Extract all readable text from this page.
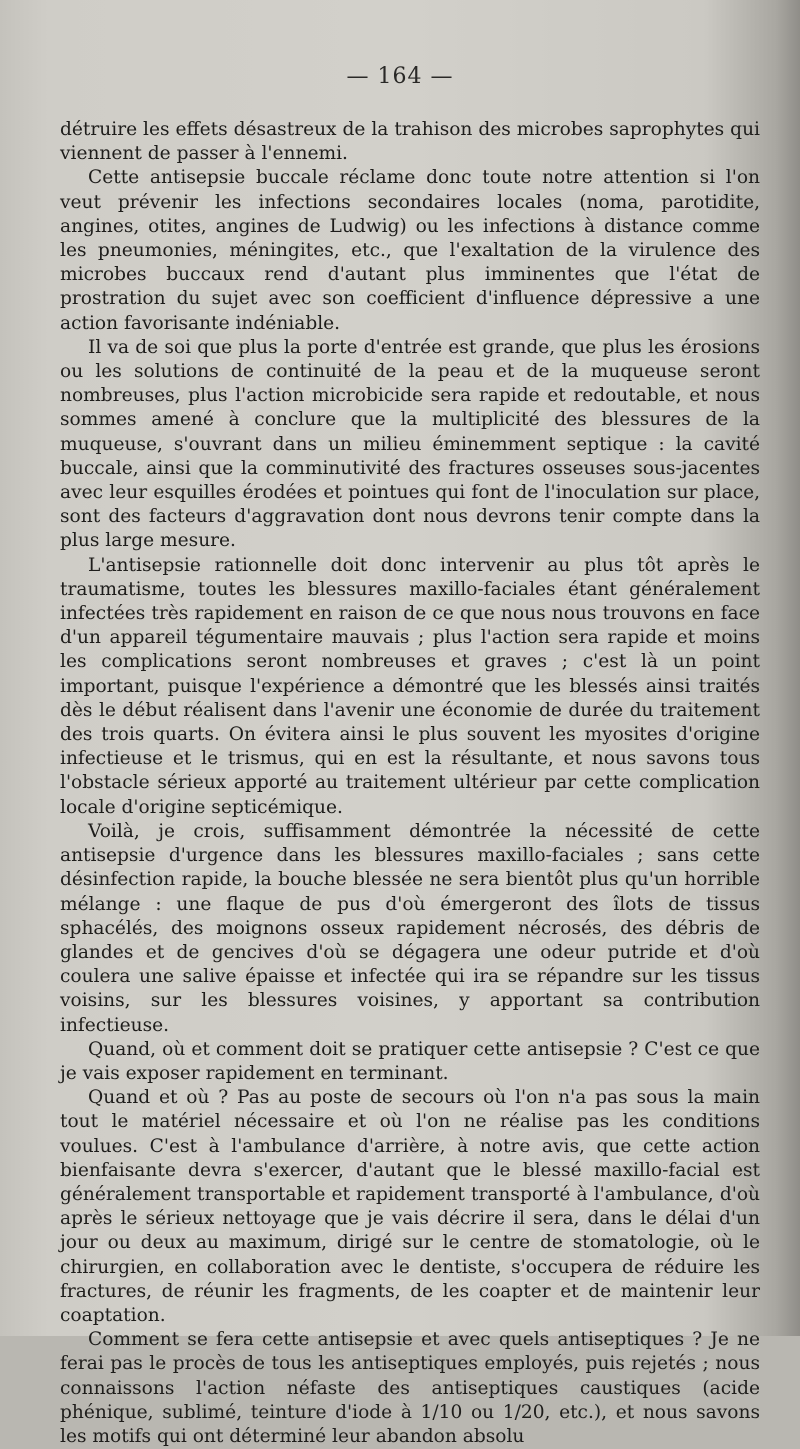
— 164 —

détruire les effets désastreux de la trahison des microbes saprophytes qui viennent de passer à l'ennemi.

Cette antisepsie buccale réclame donc toute notre attention si l'on veut prévenir les infections secondaires locales (noma, parotidite, angines, otites, angines de Ludwig) ou les infections à distance comme les pneumonies, méningites, etc., que l'exaltation de la virulence des microbes buccaux rend d'autant plus imminentes que l'état de prostration du sujet avec son coefficient d'influence dépressive a une action favorisante indéniable.

Il va de soi que plus la porte d'entrée est grande, que plus les érosions ou les solutions de continuité de la peau et de la muqueuse seront nombreuses, plus l'action microbicide sera rapide et redoutable, et nous sommes amené à conclure que la multiplicité des blessures de la muqueuse, s'ouvrant dans un milieu éminemment septique : la cavité buccale, ainsi que la comminutivité des fractures osseuses sous-jacentes avec leur esquilles érodées et pointues qui font de l'inoculation sur place, sont des facteurs d'aggravation dont nous devrons tenir compte dans la plus large mesure.

L'antisepsie rationnelle doit donc intervenir au plus tôt après le traumatisme, toutes les blessures maxillo-faciales étant généralement infectées très rapidement en raison de ce que nous nous trouvons en face d'un appareil tégumentaire mauvais ; plus l'action sera rapide et moins les complications seront nombreuses et graves ; c'est là un point important, puisque l'expérience a démontré que les blessés ainsi traités dès le début réalisent dans l'avenir une économie de durée du traitement des trois quarts. On évitera ainsi le plus souvent les myosites d'origine infectieuse et le trismus, qui en est la résultante, et nous savons tous l'obstacle sérieux apporté au traitement ultérieur par cette complication locale d'origine septicémique.

Voilà, je crois, suffisamment démontrée la nécessité de cette antisepsie d'urgence dans les blessures maxillo-faciales ; sans cette désinfection rapide, la bouche blessée ne sera bientôt plus qu'un horrible mélange : une flaque de pus d'où émergeront des îlots de tissus sphacélés, des moignons osseux rapidement nécrosés, des débris de glandes et de gencives d'où se dégagera une odeur putride et d'où coulera une salive épaisse et infectée qui ira se répandre sur les tissus voisins, sur les blessures voisines, y apportant sa contribution infectieuse.

Quand, où et comment doit se pratiquer cette antisepsie ? C'est ce que je vais exposer rapidement en terminant.

Quand et où ? Pas au poste de secours où l'on n'a pas sous la main tout le matériel nécessaire et où l'on ne réalise pas les conditions voulues. C'est à l'ambulance d'arrière, à notre avis, que cette action bienfaisante devra s'exercer, d'autant que le blessé maxillo-facial est généralement transportable et rapidement transporté à l'ambulance, d'où après le sérieux nettoyage que je vais décrire il sera, dans le délai d'un jour ou deux au maximum, dirigé sur le centre de stomatologie, où le chirurgien, en collaboration avec le dentiste, s'occupera de réduire les fractures, de réunir les fragments, de les coapter et de maintenir leur coaptation.

Comment se fera cette antisepsie et avec quels antiseptiques ? Je ne ferai pas le procès de tous les antiseptiques employés, puis rejetés ; nous connaissons l'action néfaste des antiseptiques caustiques (acide phénique, sublimé, teinture d'iode à 1/10 ou 1/20, etc.), et nous savons les motifs qui ont déterminé leur abandon absolu
